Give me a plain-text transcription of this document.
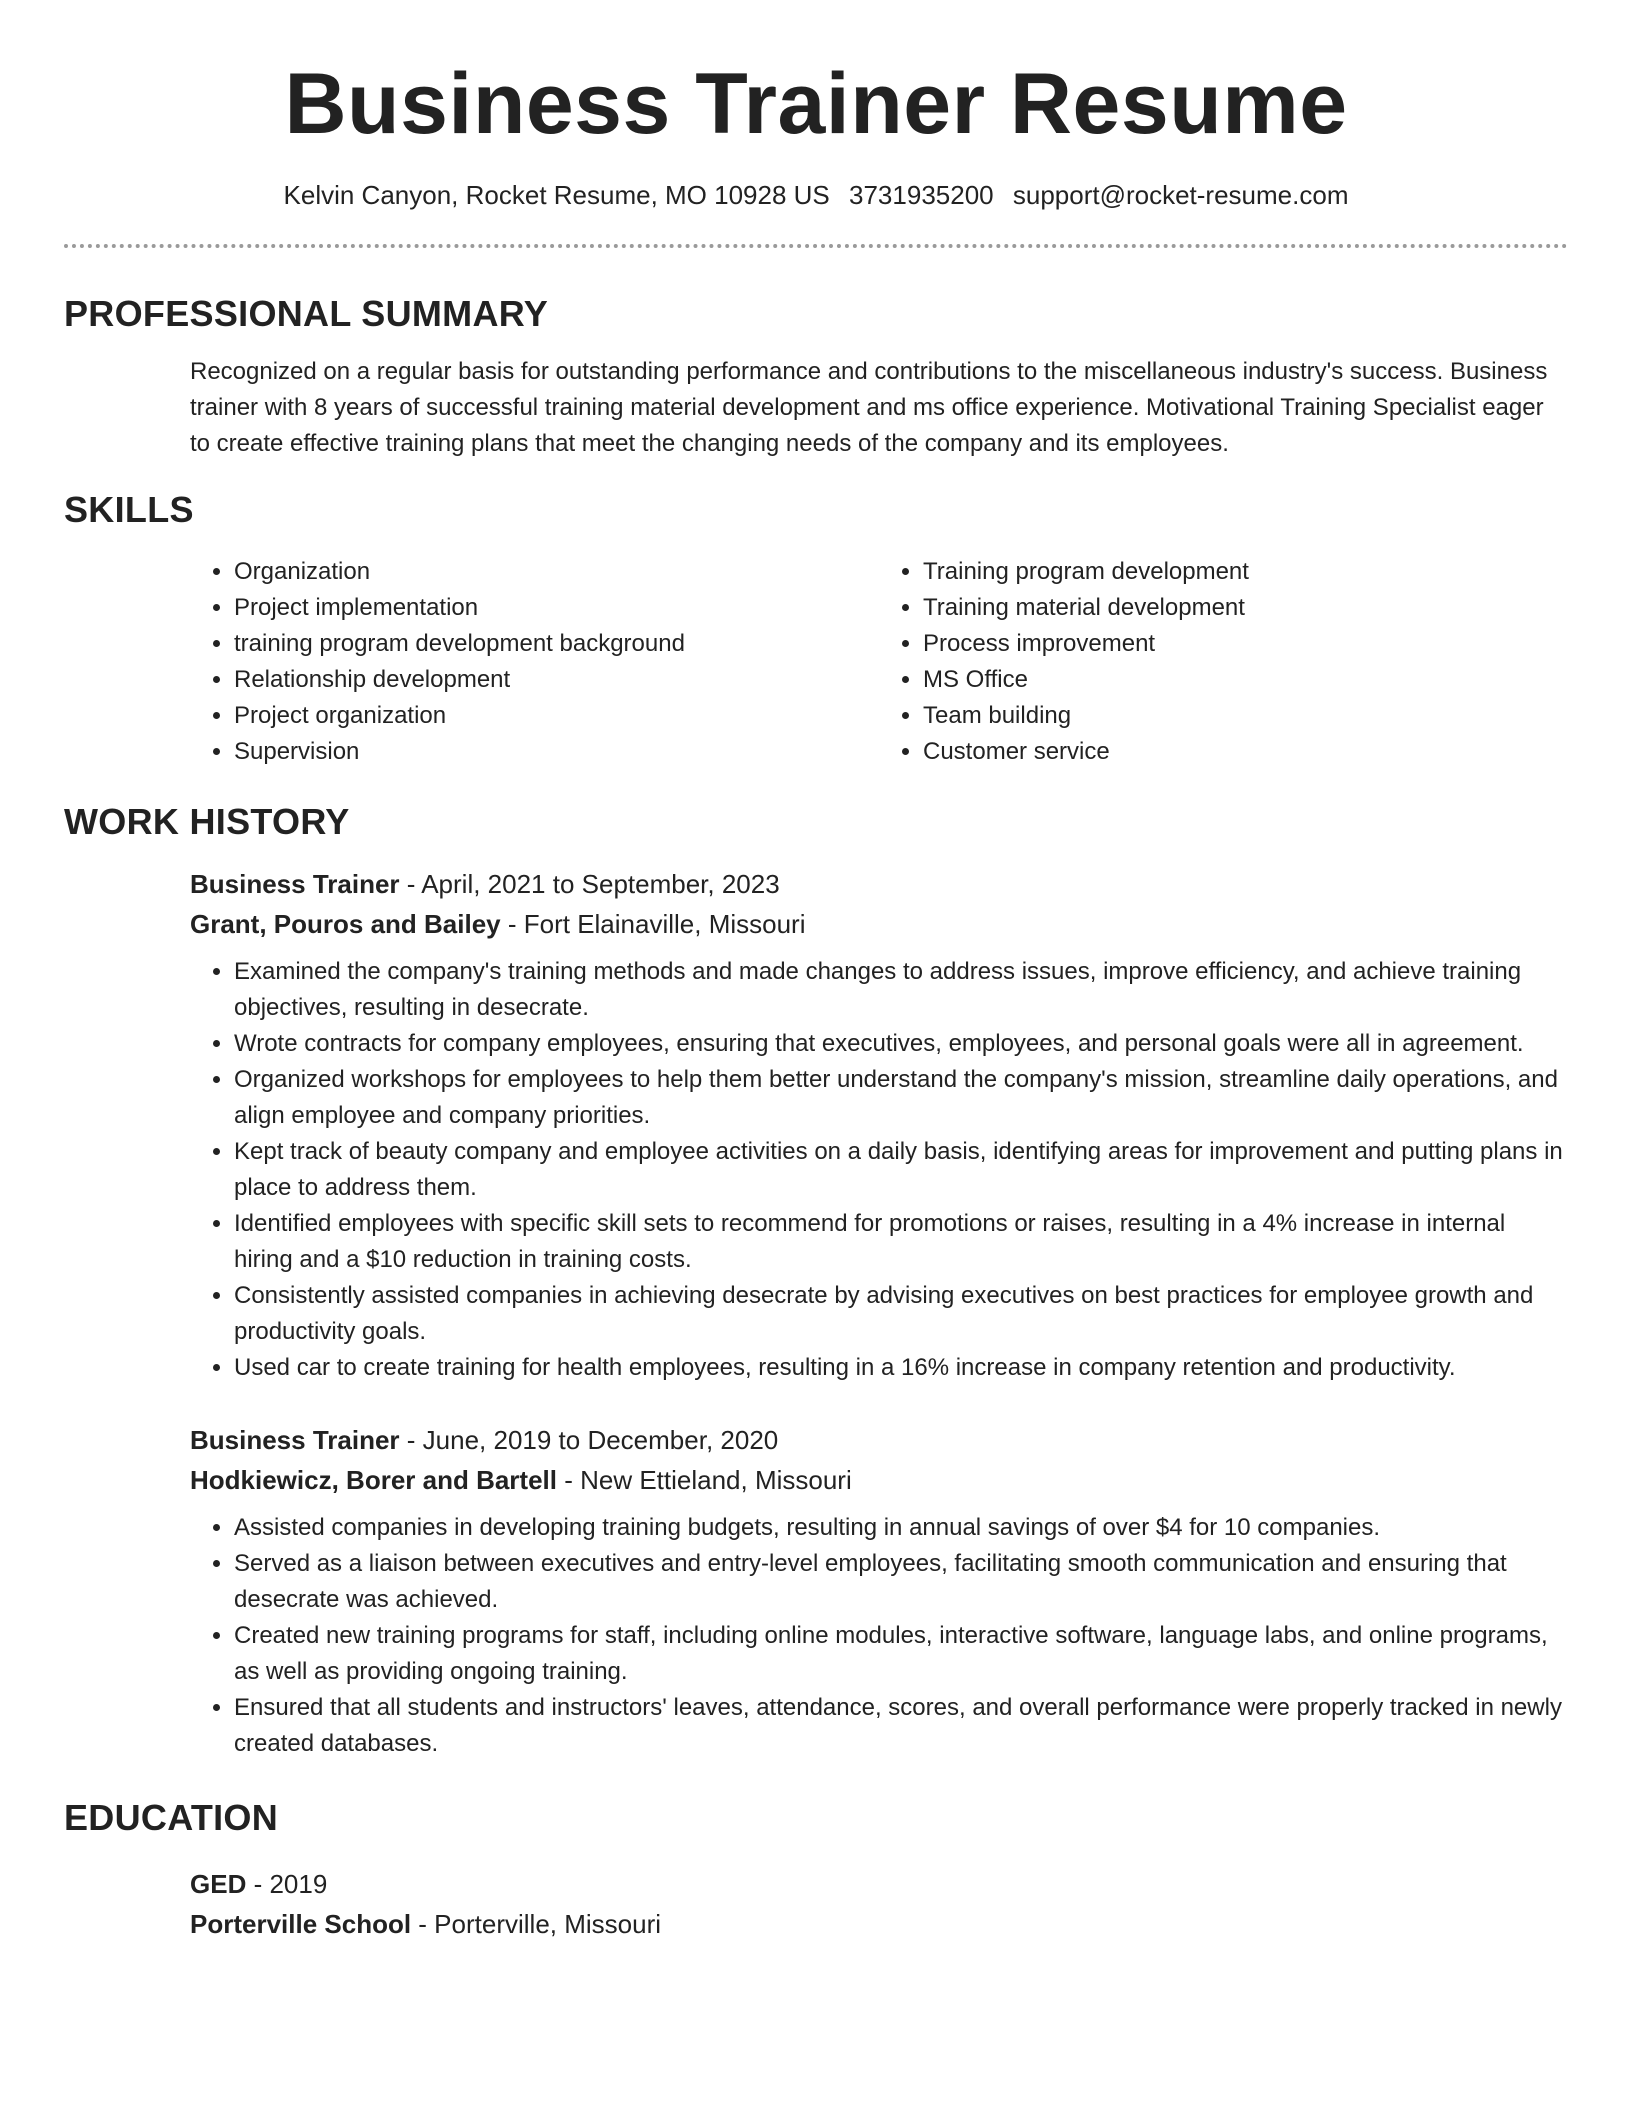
Business Trainer Resume
Kelvin Canyon, Rocket Resume, MO 10928 US 3731935200 support@rocket-resume.com
PROFESSIONAL SUMMARY

Recognized on a regular basis for outstanding performance and contributions to the miscellaneous industry's success. Business trainer with 8 years of successful training material development and ms office experience. Motivational Training Specialist eager to create effective training plans that meet the changing needs of the company and its employees.

SKILLS
• Organization
• Project implementation
• training program development background
• Relationship development
• Project organization
• Supervision
• Training program development
• Training material development
• Process improvement
• MS Office
• Team building
• Customer service
WORK HISTORY
Business Trainer - April, 2021 to September, 2023
Grant, Pouros and Bailey - Fort Elainaville, Missouri
• Examined the company's training methods and made changes to address issues, improve efficiency, and achieve training objectives, resulting in desecrate.
• Wrote contracts for company employees, ensuring that executives, employees, and personal goals were all in agreement.
• Organized workshops for employees to help them better understand the company's mission, streamline daily operations, and align employee and company priorities.
• Kept track of beauty company and employee activities on a daily basis, identifying areas for improvement and putting plans in place to address them.
• Identified employees with specific skill sets to recommend for promotions or raises, resulting in a 4% increase in internal hiring and a $10 reduction in training costs.
• Consistently assisted companies in achieving desecrate by advising executives on best practices for employee growth and productivity goals.
• Used car to create training for health employees, resulting in a 16% increase in company retention and productivity.
Business Trainer - June, 2019 to December, 2020
Hodkiewicz, Borer and Bartell - New Ettieland, Missouri
• Assisted companies in developing training budgets, resulting in annual savings of over $4 for 10 companies.
• Served as a liaison between executives and entry-level employees, facilitating smooth communication and ensuring that desecrate was achieved.
• Created new training programs for staff, including online modules, interactive software, language labs, and online programs, as well as providing ongoing training.
• Ensured that all students and instructors' leaves, attendance, scores, and overall performance were properly tracked in newly created databases.
EDUCATION
GED - 2019
Porterville School - Porterville, Missouri
